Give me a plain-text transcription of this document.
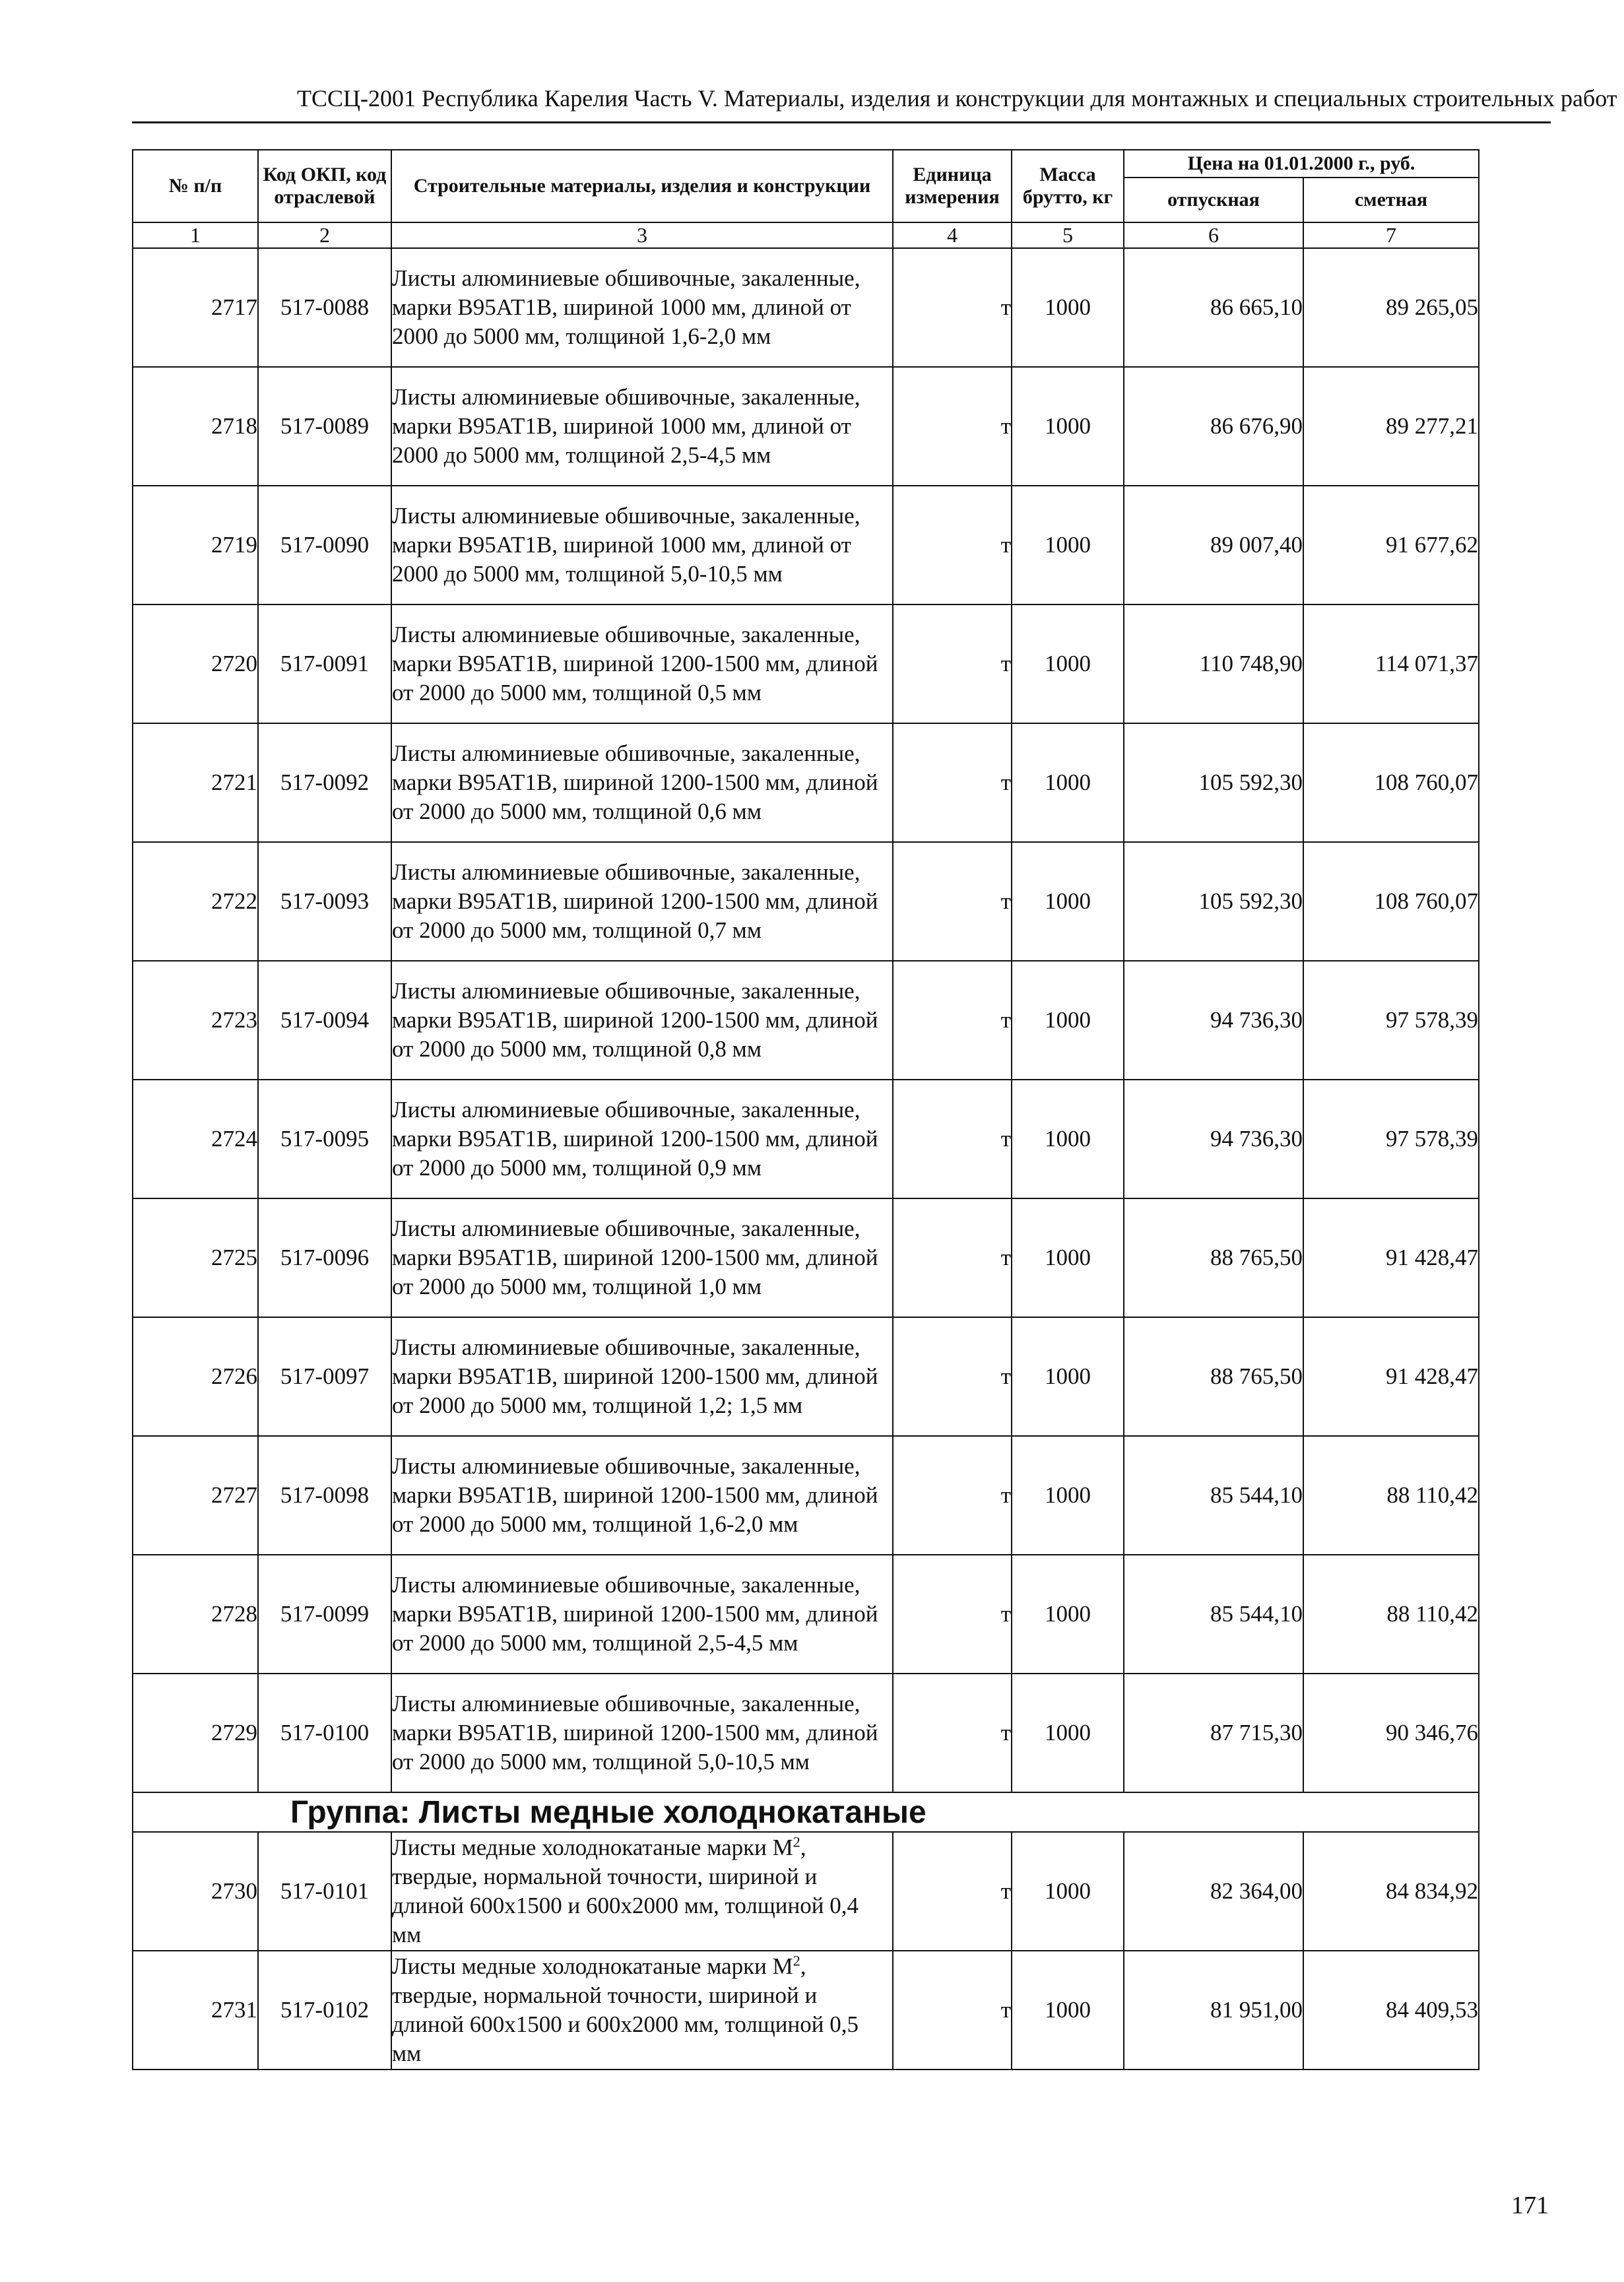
ТССЦ-2001 Республика Карелия Часть V. Материалы, изделия и конструкции для монтажных и специальных строительных работ
№ п/п	Код ОКП, код отраслевой	Строительные материалы, изделия и конструкции	Единица измерения	Масса брутто, кг	Цена на 01.01.2000 г., руб.	
					отпускная	сметная
1	2	3	4	5	6	7
2717	517-0088	Листы алюминиевые обшивочные, закаленные, марки В95АТ1В, шириной 1000 мм, длиной от 2000 до 5000 мм, толщиной 1,6-2,0 мм	т	1000	86 665,10	89 265,05
2718	517-0089	Листы алюминиевые обшивочные, закаленные, марки В95АТ1В, шириной 1000 мм, длиной от 2000 до 5000 мм, толщиной 2,5-4,5 мм	т	1000	86 676,90	89 277,21
2719	517-0090	Листы алюминиевые обшивочные, закаленные, марки В95АТ1В, шириной 1000 мм, длиной от 2000 до 5000 мм, толщиной 5,0-10,5 мм	т	1000	89 007,40	91 677,62
2720	517-0091	Листы алюминиевые обшивочные, закаленные, марки В95АТ1В, шириной 1200-1500 мм, длиной от 2000 до 5000 мм, толщиной 0,5 мм	т	1000	110 748,90	114 071,37
2721	517-0092	Листы алюминиевые обшивочные, закаленные, марки В95АТ1В, шириной 1200-1500 мм, длиной от 2000 до 5000 мм, толщиной 0,6 мм	т	1000	105 592,30	108 760,07
2722	517-0093	Листы алюминиевые обшивочные, закаленные, марки В95АТ1В, шириной 1200-1500 мм, длиной от 2000 до 5000 мм, толщиной 0,7 мм	т	1000	105 592,30	108 760,07
2723	517-0094	Листы алюминиевые обшивочные, закаленные, марки В95АТ1В, шириной 1200-1500 мм, длиной от 2000 до 5000 мм, толщиной 0,8 мм	т	1000	94 736,30	97 578,39
2724	517-0095	Листы алюминиевые обшивочные, закаленные, марки В95АТ1В, шириной 1200-1500 мм, длиной от 2000 до 5000 мм, толщиной 0,9 мм	т	1000	94 736,30	97 578,39
2725	517-0096	Листы алюминиевые обшивочные, закаленные, марки В95АТ1В, шириной 1200-1500 мм, длиной от 2000 до 5000 мм, толщиной 1,0 мм	т	1000	88 765,50	91 428,47
2726	517-0097	Листы алюминиевые обшивочные, закаленные, марки В95АТ1В, шириной 1200-1500 мм, длиной от 2000 до 5000 мм, толщиной 1,2; 1,5 мм	т	1000	88 765,50	91 428,47
2727	517-0098	Листы алюминиевые обшивочные, закаленные, марки В95АТ1В, шириной 1200-1500 мм, длиной от 2000 до 5000 мм, толщиной 1,6-2,0 мм	т	1000	85 544,10	88 110,42
2728	517-0099	Листы алюминиевые обшивочные, закаленные, марки В95АТ1В, шириной 1200-1500 мм, длиной от 2000 до 5000 мм, толщиной 2,5-4,5 мм	т	1000	85 544,10	88 110,42
2729	517-0100	Листы алюминиевые обшивочные, закаленные, марки В95АТ1В, шириной 1200-1500 мм, длиной от 2000 до 5000 мм, толщиной 5,0-10,5 мм	т	1000	87 715,30	90 346,76
Группа: Листы медные холоднокатаные						
2730	517-0101	Листы медные холоднокатаные марки $М^2$, твердые, нормальной точности, шириной и длиной 600х1500 и 600х2000 мм, толщиной 0,4 мм	т	1000	82 364,00	84 834,92
2731	517-0102	Листы медные холоднокатаные марки $М^2$, твердые, нормальной точности, шириной и длиной 600х1500 и 600х2000 мм, толщиной 0,5 мм	т	1000	81 951,00	84 409,53
171
